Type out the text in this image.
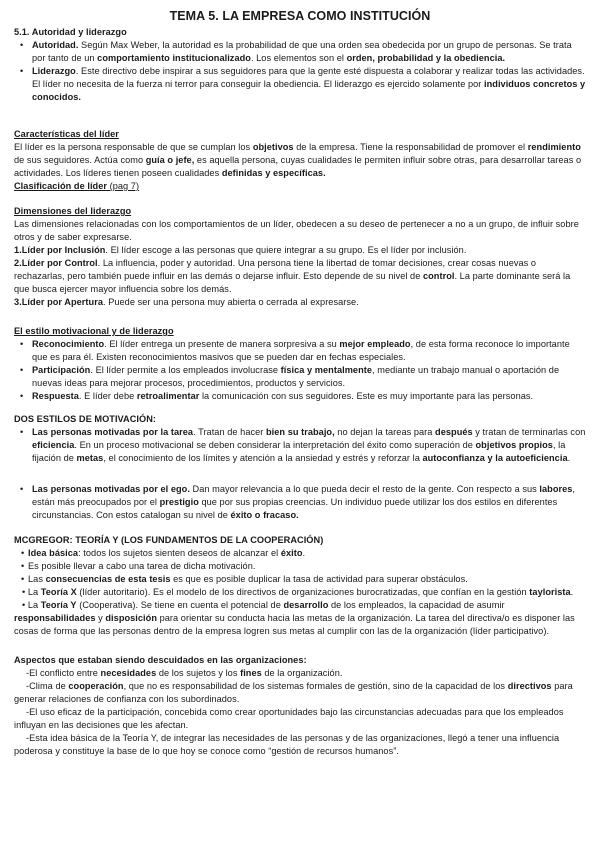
TEMA 5. LA EMPRESA COMO INSTITUCIÓN

5.1. Autoridad y liderazgo

• Autoridad. Según Max Weber, la autoridad es la probabilidad de que una orden sea obedecida por un grupo de personas. Se trata por tanto de un comportamiento institucionalizado. Los elementos son el orden, probabilidad y la obediencia.
• Liderazgo. Este directivo debe inspirar a sus seguidores para que la gente esté dispuesta a colaborar y realizar todas las actividades. El líder no necesita de la fuerza ni terror para conseguir la obediencia. El liderazgo es ejercido solamente por individuos concretos y conocidos.

Características del líder

El líder es la persona responsable de que se cumplan los objetivos de la empresa. Tiene la responsabilidad de promover el rendimiento de sus seguidores. Actúa como guía o jefe, es aquella persona, cuyas cualidades le permiten influir sobre otras, para desarrollar tareas o actividades. Los líderes tienen poseen cualidades definidas y específicas.

Clasificación de líder (pag 7)

Dimensiones del liderazgo

Las dimensiones relacionadas con los comportamientos de un líder, obedecen a su deseo de pertenecer a no a un grupo, de influir sobre otros y de saber expresarse.

1.Líder por Inclusión. El líder escoge a las personas que quiere integrar a su grupo. Es el líder por inclusión.

2.Líder por Control. La influencia, poder y autoridad. Una persona tiene la libertad de tomar decisiones, crear cosas nuevas o rechazarlas, pero también puede influir en las demás o dejarse influir. Esto depende de su nivel de control. La parte dominante será la que busca ejercer mayor influencia sobre los demás.

3.Líder por Apertura. Puede ser una persona muy abierta o cerrada al expresarse.

El estilo motivacional y de liderazgo

• Reconocimiento. El líder entrega un presente de manera sorpresiva a su mejor empleado, de esta forma reconoce lo importante que es para él. Existen reconocimientos masivos que se pueden dar en fechas especiales.
• Participación. El líder permite a los empleados involucrase física y mentalmente, mediante un trabajo manual o aportación de nuevas ideas para mejorar procesos, procedimientos, productos y servicios.
• Respuesta. E líder debe retroalimentar la comunicación con sus seguidores. Este es muy importante para las personas.

DOS ESTILOS DE MOTIVACIÓN:

• Las personas motivadas por la tarea. Tratan de hacer bien su trabajo, no dejan la tareas para después y tratan de terminarlas con eficiencia. En un proceso motivacional se deben considerar la interpretación del éxito como superación de objetivos propios, la fijación de metas, el conocimiento de los límites y atención a la ansiedad y estrés y reforzar la autoconfianza y la autoeficiencia.
• Las personas motivadas por el ego. Dan mayor relevancia a lo que pueda decir el resto de la gente. Con respecto a sus labores, están más preocupados por el prestigio que por sus propias creencias. Un individuo puede utilizar los dos estilos en diferentes circunstancias. Con estos catalogan su nivel de éxito o fracaso.

MCGREGOR: TEORÍA Y (LOS FUNDAMENTOS DE LA COOPERACIÓN)

• Idea básica: todos los sujetos sienten deseos de alcanzar el éxito.
• Es posible llevar a cabo una tarea de dicha motivación.
• Las consecuencias de esta tesis es que es posible duplicar la tasa de actividad para superar obstáculos.

• La Teoría X (líder autoritario). Es el modelo de los directivos de organizaciones burocratizadas, que confían en la gestión taylorista.

• La Teoría Y (Cooperativa). Se tiene en cuenta el potencial de desarrollo de los empleados, la capacidad de asumir responsabilidades y disposición para orientar su conducta hacia las metas de la organización. La tarea del directiva/o es disponer las cosas de forma que las personas dentro de la empresa logren sus metas al cumplir con las de la organización (líder participativo).

Aspectos que estaban siendo descuidados en las organizaciones:

-El conflicto entre necesidades de los sujetos y los fines de la organización.

-Clima de cooperación, que no es responsabilidad de los sistemas formales de gestión, sino de la capacidad de los directivos para generar relaciones de confianza con los subordinados.

-El uso eficaz de la participación, concebida como crear oportunidades bajo las circunstancias adecuadas para que los empleados influyan en las decisiones que les afectan.

-Esta idea básica de la Teoría Y, de integrar las necesidades de las personas y de las organizaciones, llegó a tener una influencia poderosa y constituye la base de lo que hoy se conoce como “gestión de recursos humanos”.
